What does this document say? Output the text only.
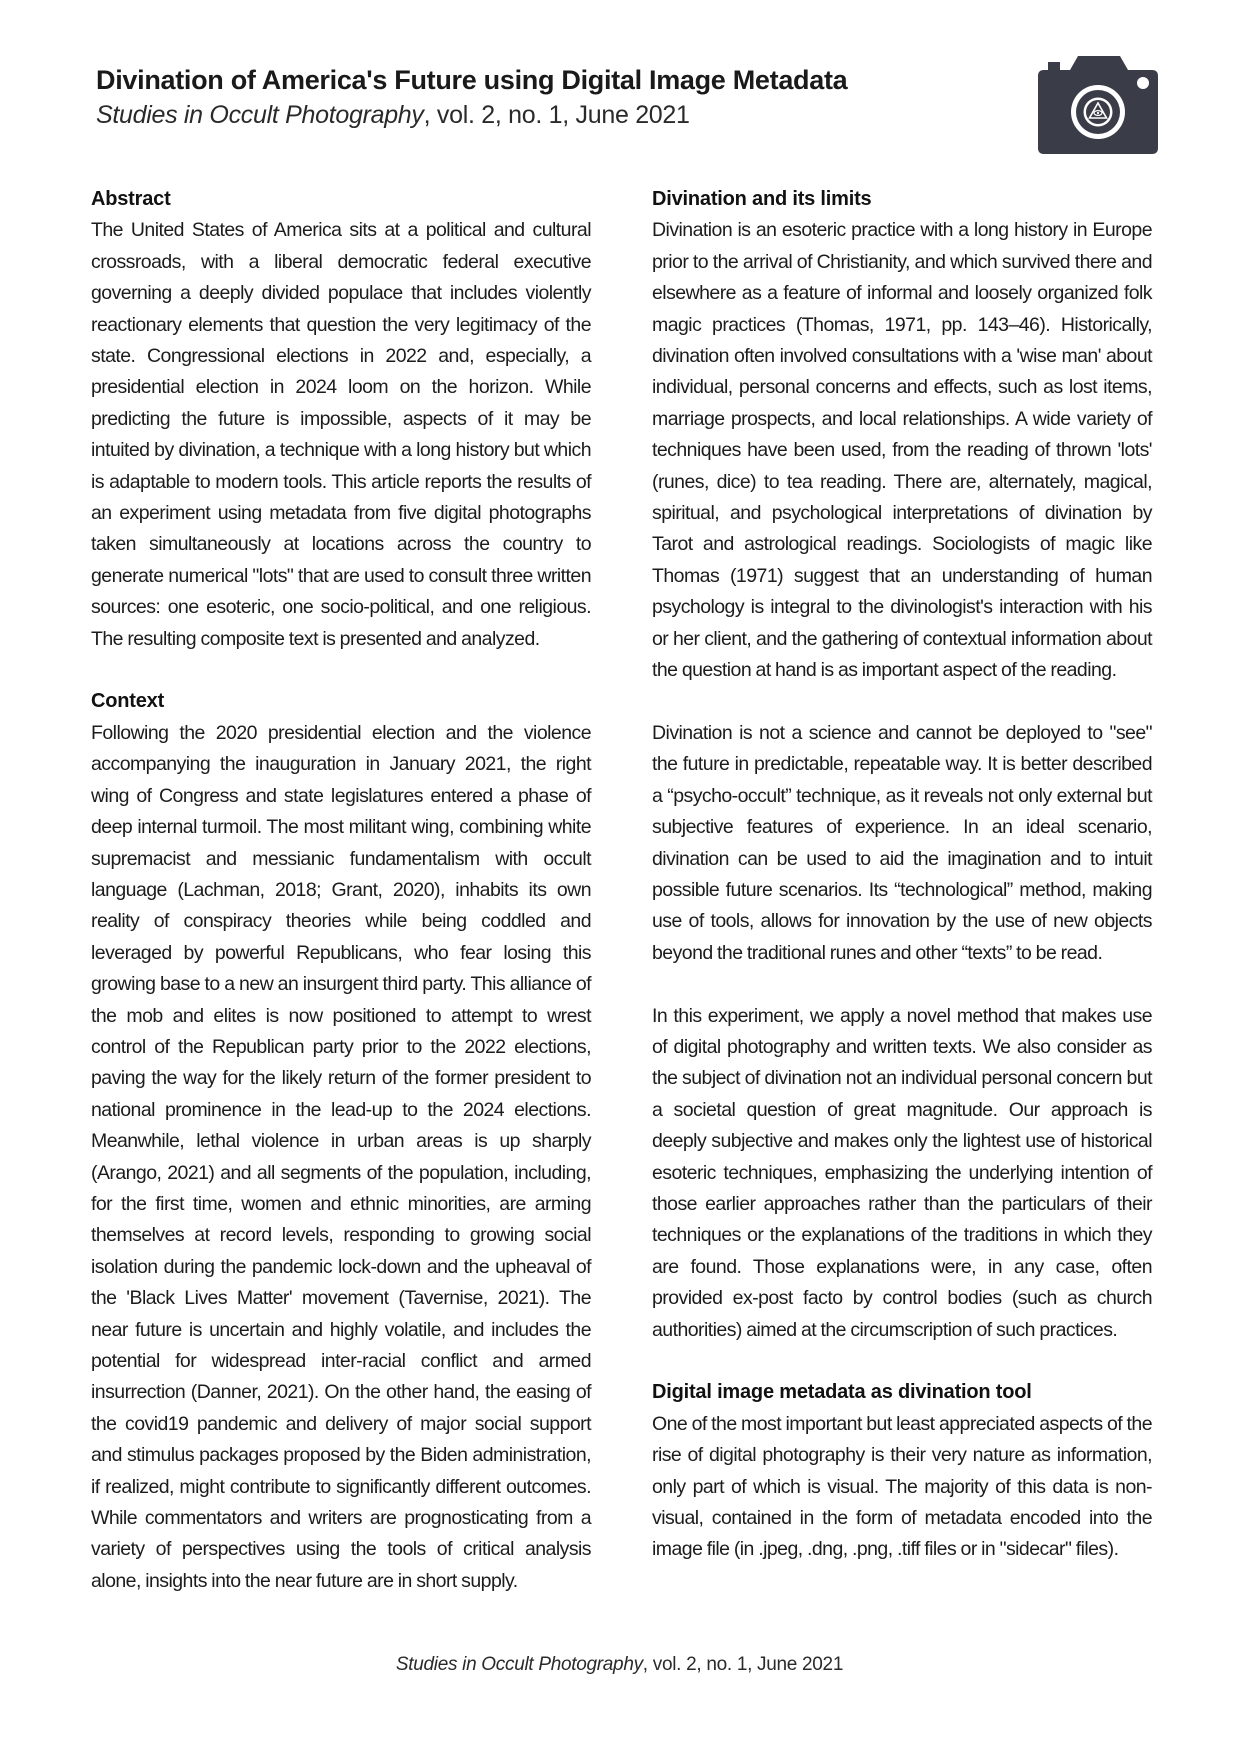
Divination of America's Future using Digital Image Metadata
Studies in Occult Photography, vol. 2, no. 1, June 2021
Abstract
The United States of America sits at a political and cultural crossroads, with a liberal democratic federal executive governing a deeply divided populace that includes violently reactionary elements that question the very legitimacy of the state. Congressional elections in 2022 and, especially, a presidential election in 2024 loom on the horizon. While predicting the future is impossible, aspects of it may be intuited by divination, a technique with a long history but which is adaptable to modern tools. This article reports the results of an experiment using metadata from five digital photographs taken simultaneously at locations across the country to generate numerical "lots" that are used to consult three written sources: one esoteric, one socio-political, and one religious. The resulting composite text is presented and analyzed.
Context
Following the 2020 presidential election and the violence accompanying the inauguration in January 2021, the right wing of Congress and state legislatures entered a phase of deep internal turmoil. The most militant wing, combining white supremacist and messianic fundamentalism with occult language (Lachman, 2018; Grant, 2020), inhabits its own reality of conspiracy theories while being coddled and leveraged by powerful Republicans, who fear losing this growing base to a new an insurgent third party. This alliance of the mob and elites is now positioned to attempt to wrest control of the Republican party prior to the 2022 elections, paving the way for the likely return of the former president to national prominence in the lead-up to the 2024 elections. Meanwhile, lethal violence in urban areas is up sharply (Arango, 2021) and all segments of the population, including, for the first time, women and ethnic minorities, are arming themselves at record levels, responding to growing social isolation during the pandemic lock-down and the upheaval of the 'Black Lives Matter' movement (Tavernise, 2021). The near future is uncertain and highly volatile, and includes the potential for widespread inter-racial conflict and armed insurrection (Danner, 2021). On the other hand, the easing of the covid19 pandemic and delivery of major social support and stimulus packages proposed by the Biden administration, if realized, might contribute to significantly different outcomes. While commentators and writers are prognosticating from a variety of perspectives using the tools of critical analysis alone, insights into the near future are in short supply.
Divination and its limits
Divination is an esoteric practice with a long history in Europe prior to the arrival of Christianity, and which survived there and elsewhere as a feature of informal and loosely organized folk magic practices (Thomas, 1971, pp. 143–46). Historically, divination often involved consultations with a 'wise man' about individual, personal concerns and effects, such as lost items, marriage prospects, and local relationships. A wide variety of techniques have been used, from the reading of thrown 'lots' (runes, dice) to tea reading. There are, alternately, magical, spiritual, and psychological interpretations of divination by Tarot and astrological readings. Sociologists of magic like Thomas (1971) suggest that an understanding of human psychology is integral to the divinologist's interaction with his or her client, and the gathering of contextual information about the question at hand is as important aspect of the reading.
Divination is not a science and cannot be deployed to "see" the future in predictable, repeatable way. It is better described a “psycho-occult” technique, as it reveals not only external but subjective features of experience. In an ideal scenario, divination can be used to aid the imagination and to intuit possible future scenarios. Its “technological” method, making use of tools, allows for innovation by the use of new objects beyond the traditional runes and other “texts” to be read.
In this experiment, we apply a novel method that makes use of digital photography and written texts. We also consider as the subject of divination not an individual personal concern but a societal question of great magnitude. Our approach is deeply subjective and makes only the lightest use of historical esoteric techniques, emphasizing the underlying intention of those earlier approaches rather than the particulars of their techniques or the explanations of the traditions in which they are found. Those explanations were, in any case, often provided ex-post facto by control bodies (such as church authorities) aimed at the circumscription of such practices.
Digital image metadata as divination tool
One of the most important but least appreciated aspects of the rise of digital photography is their very nature as information, only part of which is visual. The majority of this data is non-visual, contained in the form of metadata encoded into the image file (in .jpeg, .dng, .png, .tiff files or in "sidecar" files).
Studies in Occult Photography, vol. 2, no. 1, June 2021
